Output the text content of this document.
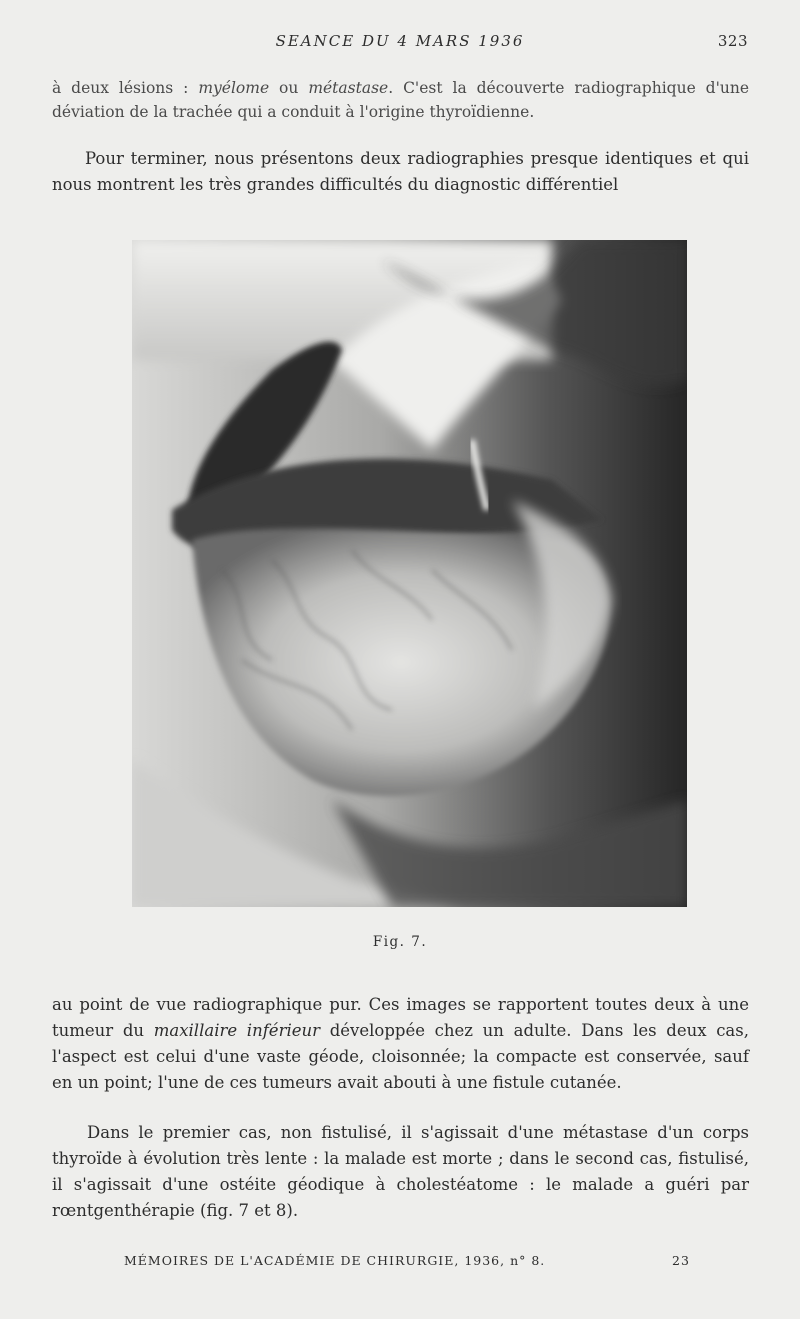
SEANCE DU 4 MARS 1936	323

à deux lésions : myélome ou métastase. C'est la découverte radiographique d'une déviation de la trachée qui a conduit à l'origine thyroïdienne.

Pour terminer, nous présentons deux radiographies presque identiques et qui nous montrent les très grandes difficultés du diagnostic différentiel

Fig. 7.

au point de vue radiographique pur. Ces images se rapportent toutes deux à une tumeur du maxillaire inférieur développée chez un adulte. Dans les deux cas, l'aspect est celui d'une vaste géode, cloisonnée; la compacte est conservée, sauf en un point; l'une de ces tumeurs avait abouti à une fistule cutanée.

Dans le premier cas, non fistulisé, il s'agissait d'une métastase d'un corps thyroïde à évolution très lente : la malade est morte ; dans le second cas, fistulisé, il s'agissait d'une ostéite géodique à cholestéatome : le malade a guéri par rœntgenthérapie (fig. 7 et 8).

MÉMOIRES DE L'ACADÉMIE DE CHIRURGIE, 1936, n° 8.	23
